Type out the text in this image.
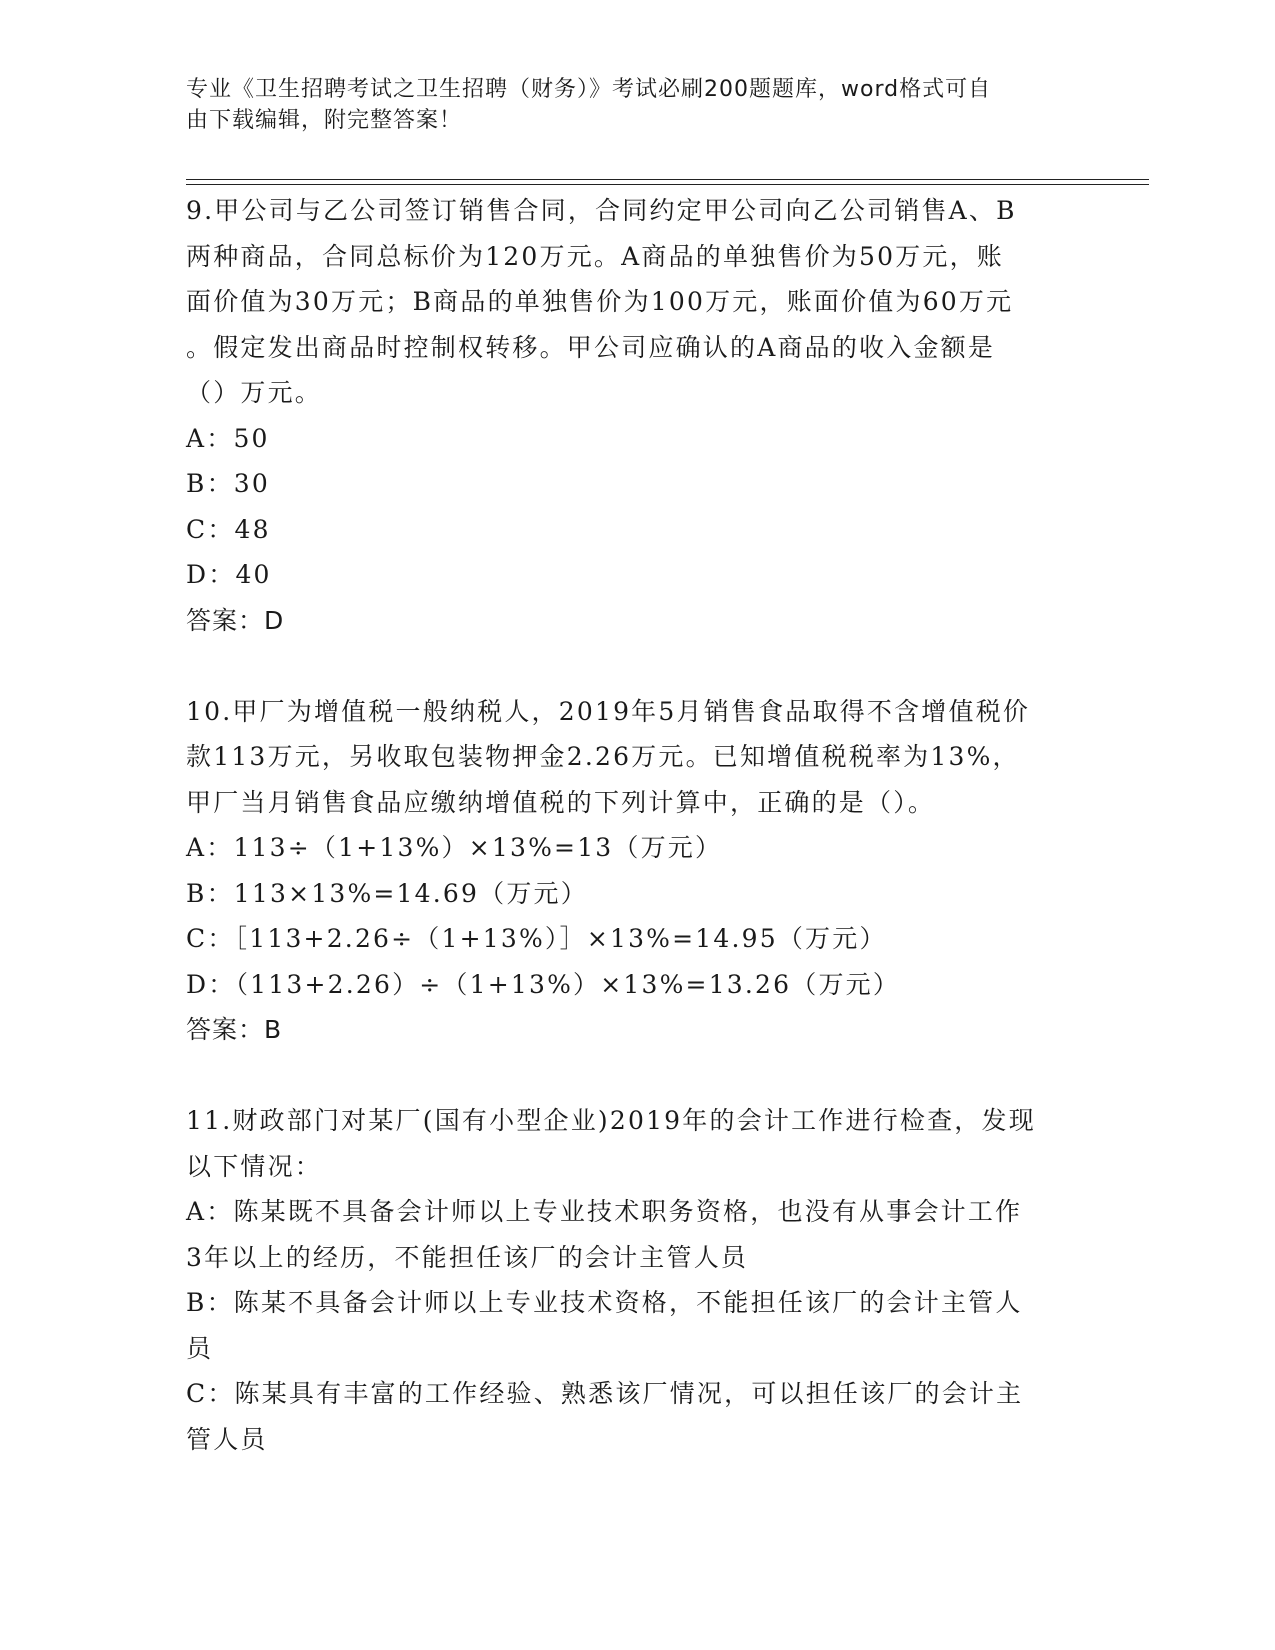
专业《卫生招聘考试之卫生招聘（财务）》考试必刷200题题库，word格式可自
由下载编辑，附完整答案！
9.甲公司与乙公司签订销售合同，合同约定甲公司向乙公司销售A、B
两种商品，合同总标价为120万元。A商品的单独售价为50万元，账
面价值为30万元；B商品的单独售价为100万元，账面价值为60万元
。假定发出商品时控制权转移。甲公司应确认的A商品的收入金额是
（）万元。
A：50
B：30
C：48
D：40
答案：D
10.甲厂为增值税一般纳税人，2019年5月销售食品取得不含增值税价
款113万元，另收取包装物押金2.26万元。已知增值税税率为13%，
甲厂当月销售食品应缴纳增值税的下列计算中，正确的是（）。
A：113÷（1+13%）×13%=13（万元）
B：113×13%=14.69（万元）
C：［113+2.26÷（1+13%）］×13%=14.95（万元）
D：（113+2.26）÷（1+13%）×13%=13.26（万元）
答案：B
11.财政部门对某厂(国有小型企业)2019年的会计工作进行检查，发现
以下情况：
A：陈某既不具备会计师以上专业技术职务资格，也没有从事会计工作
3年以上的经历，不能担任该厂的会计主管人员
B：陈某不具备会计师以上专业技术资格，不能担任该厂的会计主管人
员
C：陈某具有丰富的工作经验、熟悉该厂情况，可以担任该厂的会计主
管人员
